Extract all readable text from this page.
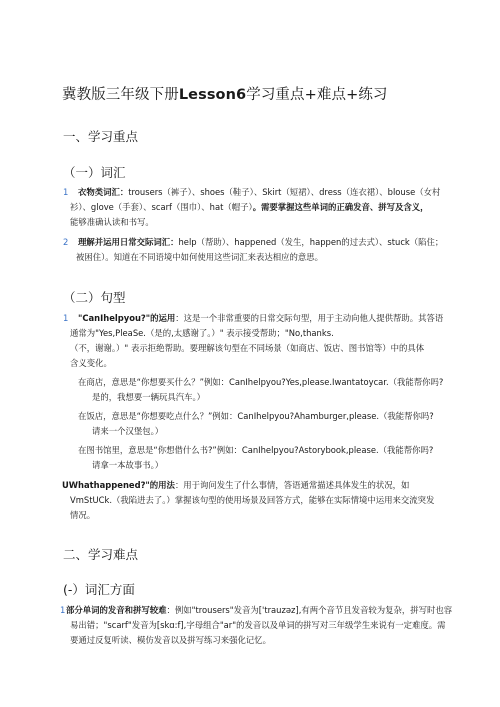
冀教版三年级下册Lesson6学习重点+难点+练习
一、学习重点
（一）词汇
1 衣物类词汇：trousers（裤子）、shoes（鞋子）、Skirt（短裙）、dress（连衣裙）、blouse（女村
衫）、glove（手套）、scarf（围巾）、hat（帽子）。需要掌握这些单词的正确发音、拼写及含义，
能够准确认读和书写。
2 理解并运用日常交际词汇：help（帮助）、happened（发生，happen的过去式）、stuck（陷住；
被困住）。知道在不同语境中如何使用这些词汇来表达相应的意思。
（二）句型
1 "CanIhelpyou?"的运用：这是一个非常重要的日常交际句型，用于主动向他人提供帮助。其答语
通常为"Yes,PleaSe.（是的,太感谢了。）" 表示接受帮助；"No,thanks.
（不，谢谢。）" 表示拒绝帮助。要理解该句型在不同场景（如商店、饭店、图书馆等）中的具体
含义变化。
在商店，意思是“你想要买什么？”例如：CanIhelpyou?Yes,please.Iwantatoycar.（我能帮你吗?
是的，我想要一辆玩具汽车。）
在饭店，意思是“你想要吃点什么？”例如：CanIhelpyou?Ahamburger,please.（我能帮你吗?
请来一个汉堡包。）
在图书馆里，意思是“你想借什么书?”例如：CanIhelpyou?Astorybook,please.（我能帮你吗?
请拿一本故事书。）
UWhathappened?"的用法：用于询问发生了什么事情，答语通常描述具体发生的状况，如
VmStUCk.（我陷进去了。）掌握该句型的使用场景及回答方式，能够在实际情境中运用来交流突发
情况。
二、学习难点
(-）词汇方面
1 部分单词的发音和拼写较难：例如"trousers"发音为['trauzəz],有两个音节且发音较为复杂，拼写时也容
易出错；"scarf"发音为[skɑ:f],字母组合"ar"的发音以及单词的拼写对三年级学生来说有一定难度。需
要通过反复听读、模仿发音以及拼写练习来强化记忆。
